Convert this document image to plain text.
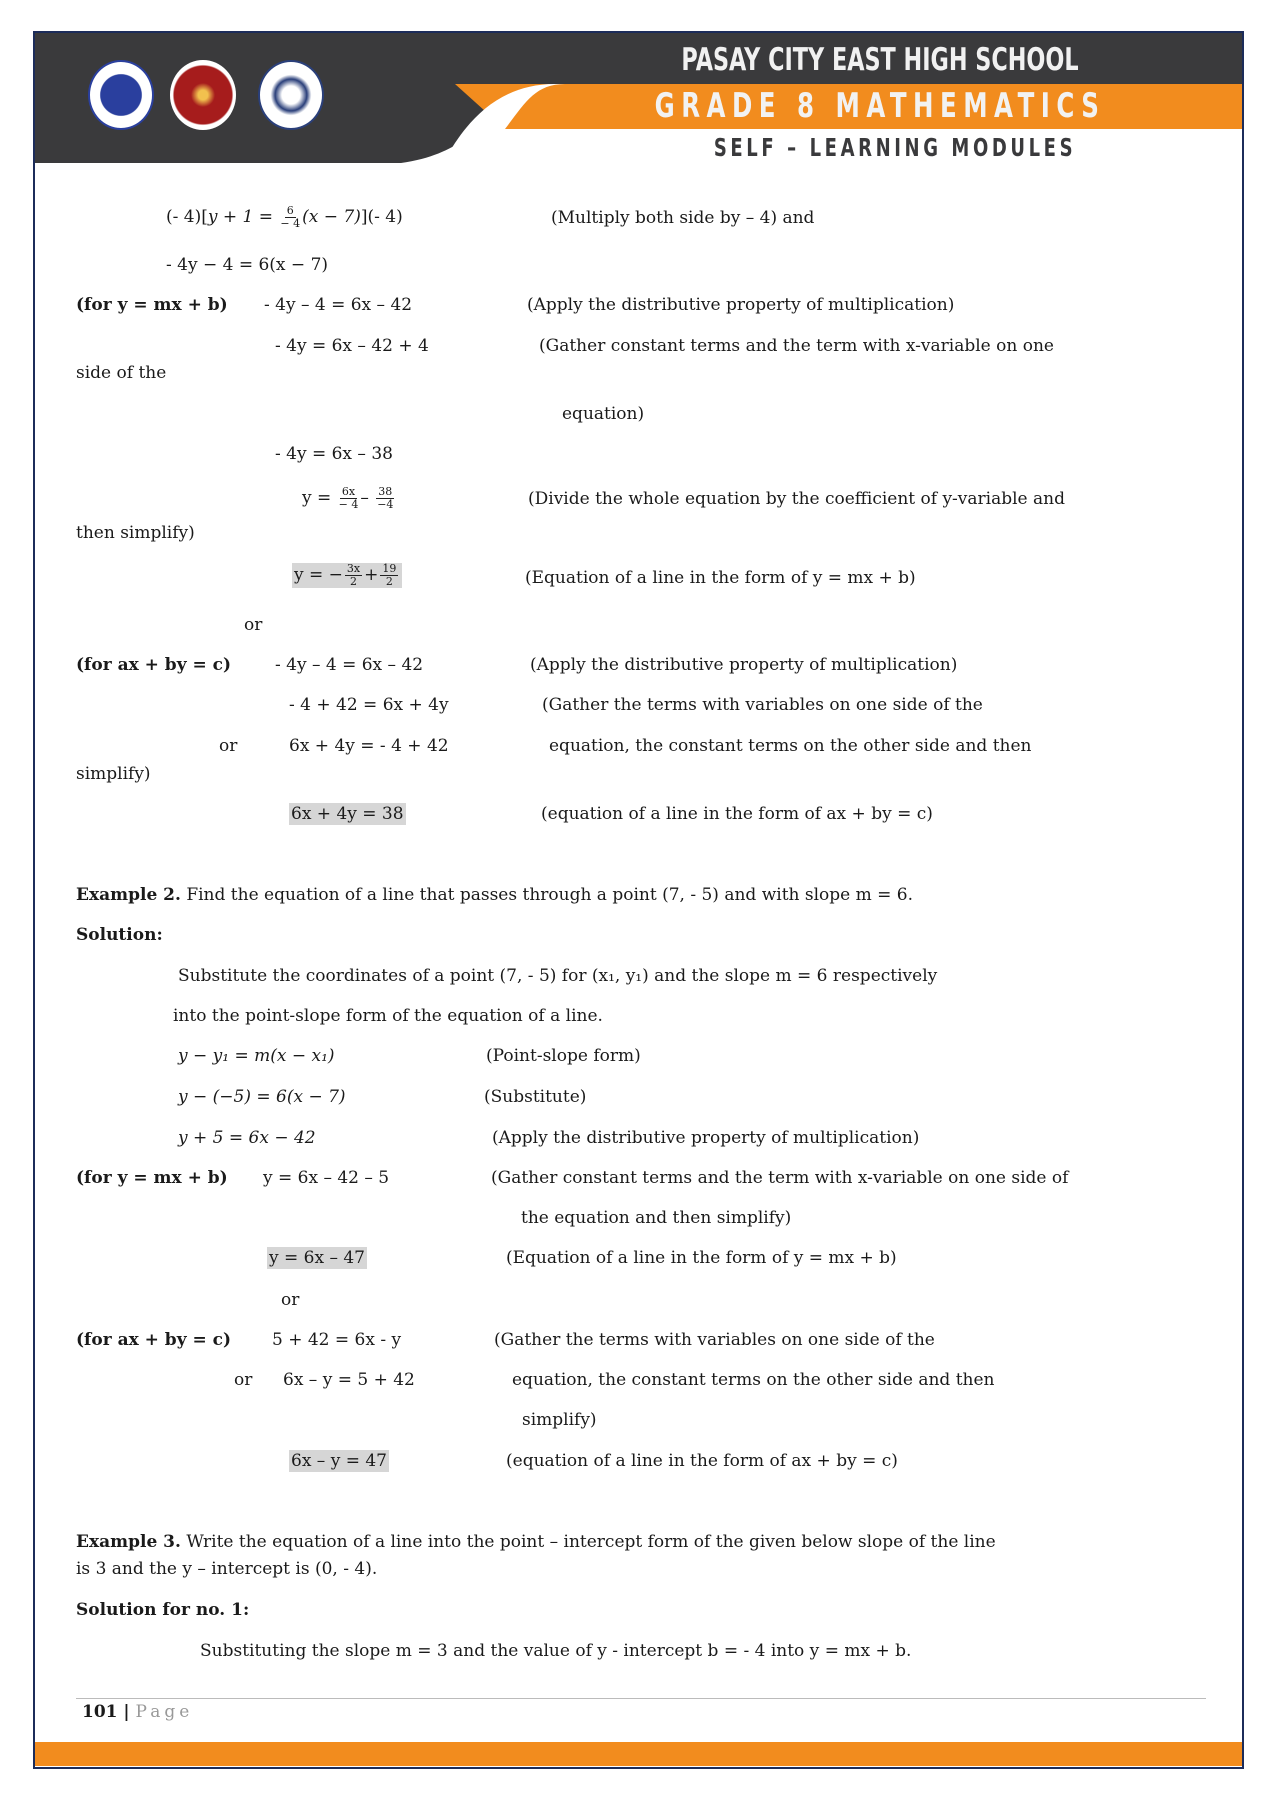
PASAY CITY EAST HIGH SCHOOL
GRADE 8 MATHEMATICS
SELF – LEARNING MODULES
(- $4)[y + 1 = \frac{6}{- 4} (x - 7)](-$ 4)	(Multiply both side by – 4) and
- 4y − 4 = 6(x − 7)
(for y = mx + b) - 4y – 4 = 6x – 42	(Apply the distributive property of multiplication)
- 4y = 6x – 42 + 4	(Gather constant terms and the term with x-variable on one
side of the
equation)
- 4y = 6x – 38
$y = \frac{6x}{- 4} - \frac{38}{-4}$	(Divide the whole equation by the coefficient of y-variable and
then simplify)
y = − $\frac{3x}{2} + \frac{19}{2}$	(Equation of a line in the form of y = mx + b)
or
(for ax + by = c)	- 4y – 4 = 6x – 42	(Apply the distributive property of multiplication)
- 4 + 42 = 6x + 4y	(Gather the terms with variables on one side of the
or	6x + 4y = - 4 + 42	equation, the constant terms on the other side and then
simplify)
6x + 4y = 38	(equation of a line in the form of ax + by = c)
Example 2. Find the equation of a line that passes through a point (7, - 5) and with slope m = 6.
Solution:
Substitute the coordinates of a point (7, - 5) for (x₁, y₁) and the slope m = 6 respectively
into the point-slope form of the equation of a line.
y − y₁ = m(x − x₁)	(Point-slope form)
y − (−5) = 6(x − 7)	(Substitute)
y + 5 = 6x − 42	(Apply the distributive property of multiplication)
(for y = mx + b) y = 6x – 42 – 5	(Gather constant terms and the term with x-variable on one side of
the equation and then simplify)
y = 6x – 47	(Equation of a line in the form of y = mx + b)
or
(for ax + by = c) 5 + 42 = 6x - y	(Gather the terms with variables on one side of the
or 6x – y = 5 + 42	equation, the constant terms on the other side and then
simplify)
6x – y = 47	(equation of a line in the form of ax + by = c)
Example 3. Write the equation of a line into the point – intercept form of the given below slope of the line
is 3 and the y – intercept is (0, - 4).
Solution for no. 1:
Substituting the slope m = 3 and the value of y - intercept b = - 4 into y = mx + b.
101 | Page
